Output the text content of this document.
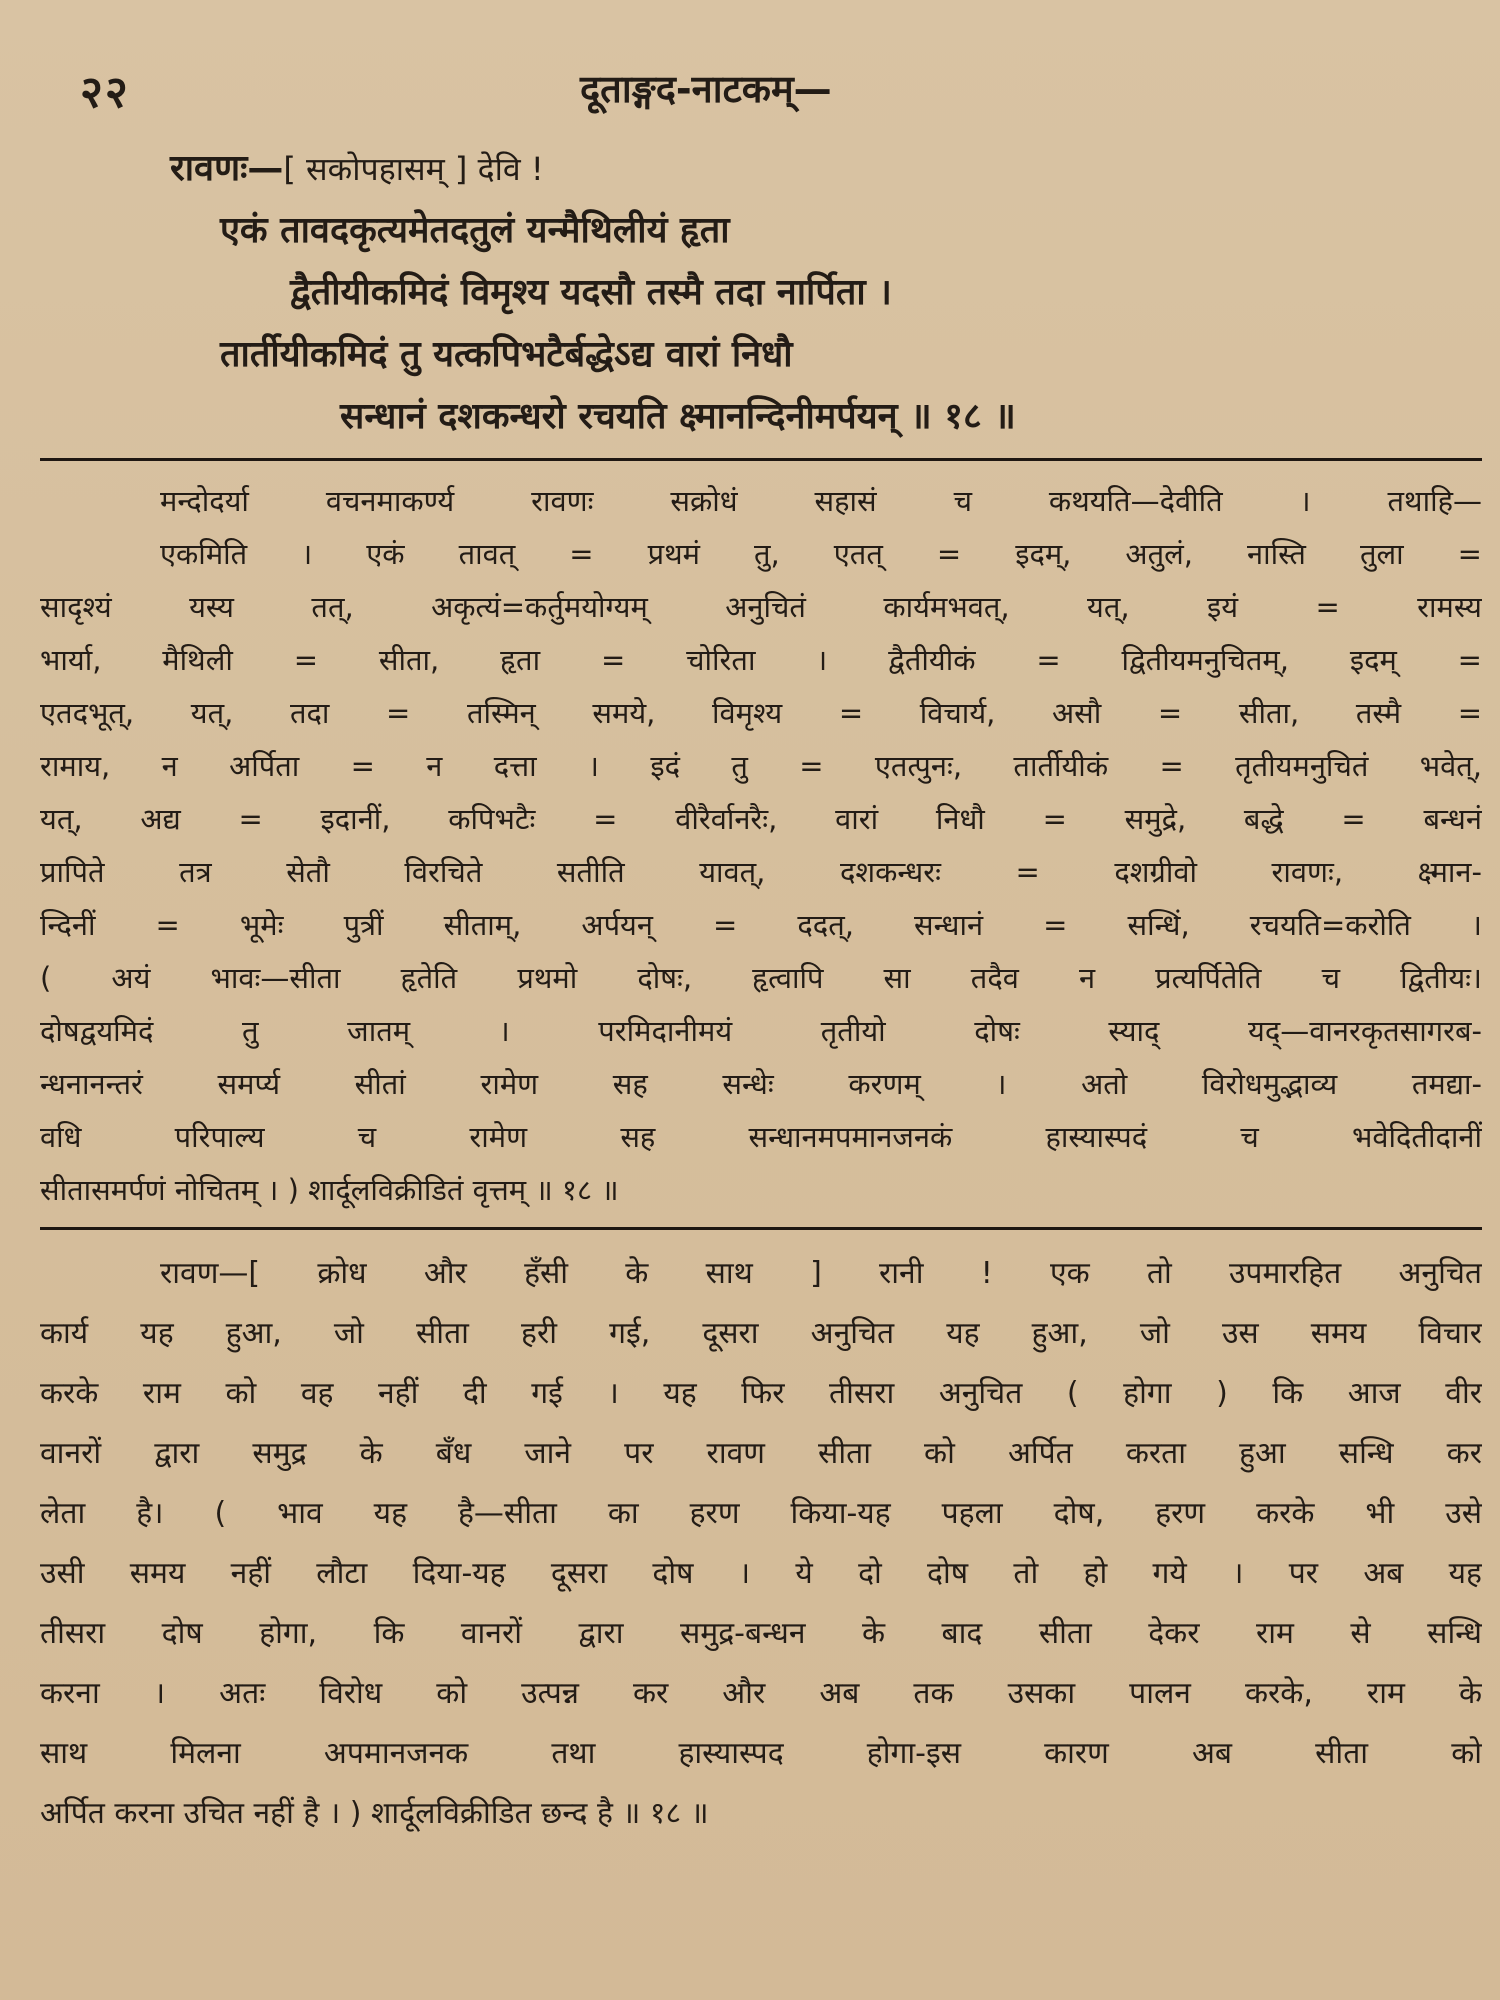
२२	दूताङ्गद-नाटकम्—
रावणः—[ सकोपहासम् ] देवि !
एकं तावदकृत्यमेतदतुलं यन्मैथिलीयं हृता
द्वैतीयीकमिदं विमृश्य यदसौ तस्मै तदा नार्पिता ।
तार्तीयीकमिदं तु यत्कपिभटैर्बद्धेऽद्य वारां निधौ
सन्धानं दशकन्धरो रचयति क्ष्मानन्दिनीमर्पयन् ॥ १८ ॥
मन्दोदर्या वचनमाकर्ण्य रावणः सक्रोधं सहासं च कथयति—देवीति । तथाहि—
एकमिति । एकं तावत् = प्रथमं तु, एतत् = इदम्, अतुलं, नास्ति तुला =
सादृश्यं यस्य तत्, अकृत्यं=कर्तुमयोग्यम् अनुचितं कार्यमभवत्, यत्, इयं = रामस्य
भार्या, मैथिली = सीता, हृता = चोरिता । द्वैतीयीकं = द्वितीयमनुचितम्, इदम् =
एतदभूत्, यत्, तदा = तस्मिन् समये, विमृश्य = विचार्य, असौ = सीता, तस्मै =
रामाय, न अर्पिता = न दत्ता । इदं तु = एतत्पुनः, तार्तीयीकं = तृतीयमनुचितं भवेत्,
यत्, अद्य = इदानीं, कपिभटैः = वीरैर्वानरैः, वारां निधौ = समुद्रे, बद्धे = बन्धनं
प्रापिते तत्र सेतौ विरचिते सतीति यावत्, दशकन्धरः = दशग्रीवो रावणः, क्ष्मान-
न्दिनीं = भूमेः पुत्रीं सीताम्, अर्पयन् = ददत्, सन्धानं = सन्धिं, रचयति=करोति ।
( अयं भावः—सीता हृतेति प्रथमो दोषः, हृत्वापि सा तदैव न प्रत्यर्पितेति च द्वितीयः।
दोषद्वयमिदं तु जातम् । परमिदानीमयं तृतीयो दोषः स्याद् यद्—वानरकृतसागरब-
न्धनानन्तरं समर्प्य सीतां रामेण सह सन्धेः करणम् । अतो विरोधमुद्भाव्य तमद्या-
वधि परिपाल्य च रामेण सह सन्धानमपमानजनकं हास्यास्पदं च भवेदितीदानीं
सीतासमर्पणं नोचितम् । ) शार्दूलविक्रीडितं वृत्तम् ॥ १८ ॥
रावण—[ क्रोध और हँसी के साथ ] रानी ! एक तो उपमारहित अनुचित
कार्य यह हुआ, जो सीता हरी गई, दूसरा अनुचित यह हुआ, जो उस समय विचार
करके राम को वह नहीं दी गई । यह फिर तीसरा अनुचित ( होगा ) कि आज वीर
वानरों द्वारा समुद्र के बँध जाने पर रावण सीता को अर्पित करता हुआ सन्धि कर
लेता है। ( भाव यह है—सीता का हरण किया-यह पहला दोष, हरण करके भी उसे
उसी समय नहीं लौटा दिया-यह दूसरा दोष । ये दो दोष तो हो गये । पर अब यह
तीसरा दोष होगा, कि वानरों द्वारा समुद्र-बन्धन के बाद सीता देकर राम से सन्धि
करना । अतः विरोध को उत्पन्न कर और अब तक उसका पालन करके, राम के
साथ मिलना अपमानजनक तथा हास्यास्पद होगा-इस कारण अब सीता को
अर्पित करना उचित नहीं है । ) शार्दूलविक्रीडित छन्द है ॥ १८ ॥
